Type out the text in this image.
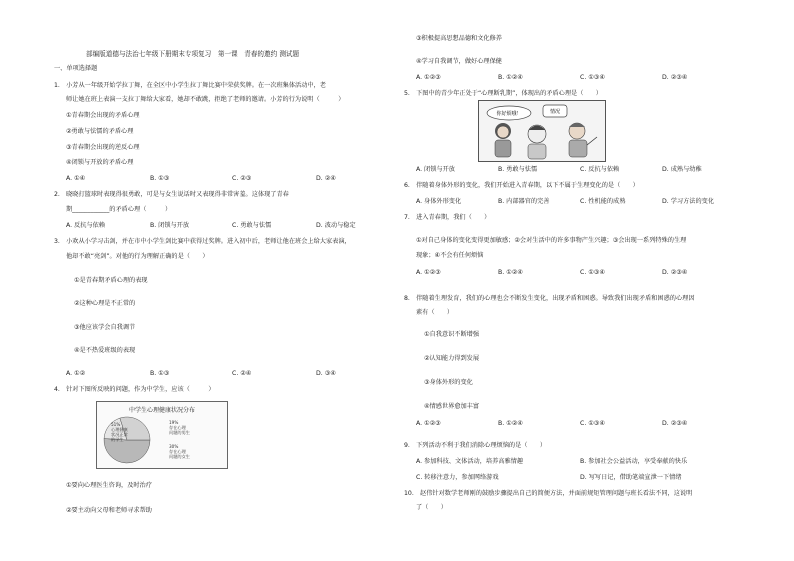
部编版道德与法治七年级下册期末专项复习　第一课　青春的邀约 测试题
一、单项选择题
1.　小芳从一年级开始学拉丁舞，在全区中小学生拉丁舞比赛中荣获奖牌。在一次班集体活动中，老
师让她在班上表演一支拉丁舞给大家看，她却不敢跳，拒绝了老师的邀请。小芳的行为说明（　　　）
①青春期会出现的矛盾心理
②勇敢与怯懦的矛盾心理
③青春期会出现的逆反心理
④闭锁与开放的矛盾心理
A. ①④	B. ①③	C. ②③	D. ②④
2.　晓晓打篮球时表现得很勇敢，可是与女生说话时又表现得非常害羞。这体现了青春
期____________的矛盾心理（　　　）
A. 反抗与依赖	B. 闭锁与开放	C. 勇敢与怯懦	D. 波动与稳定
3.　小欢从小学习击剑，并在市中小学生剑比赛中获得过奖牌。进入初中后，老师让他在班会上给大家表演，
他却不敢“亮剑”。对他的行为理解正确的是（　　）
①是青春期矛盾心理的表现
②这种心理是不正常的
③他应该学会自我调节
④是不热爱班级的表现
A. ①②	B. ①③	C. ②④	D. ③④
4.　针对下图所反映的问题，作为中学生，应该（　　　）
中学生心理健康状况分布
51%心理健康状况正常的学生
19%存在心理问题的男生
30%存在心理问题的女生
①要向心理医生咨询，及时治疗
②要主动向父母和老师寻求帮助
③积极提高思想品德和文化修养
④学习自我调节，做好心理保健
A. ①②③	B. ①②④	C. ①③④	D. ②③④
5.　下图中的青少年正处于“心理断乳期”，体现出的矛盾心理是（　　）
你好烦哦！	情况
A. 闭锁与开放	B. 勇敢与怯懦	C. 反抗与依赖	D. 成熟与幼稚
6.　伴随着身体外形的变化，我们开始进入青春期，以下不属于生理变化的是（　　）
A. 身体外形变化	B. 内部器官的完善	C. 性机能的成熟	D. 学习方法的变化
7.　进入青春期，我们（　　）
①对自己身体的变化变得更加敏感；②会对生活中的许多事物产生兴趣；③会出现一系列特殊的生理
现象；④不会有任何烦恼
A. ①②③	B. ①②④	C. ①③④	D. ②③④
8.　伴随着生理发育，我们的心理也会不断发生变化，出现矛盾和困惑。导致我们出现矛盾和困惑的心理因
素有（　　）
①自我意识不断增强
②认知能力得到发展
③身体外形的变化
④情感世界愈加丰富
A. ①②③	B. ①②④	C. ①③④	D. ②③④
9.　下列活动不利于我们消除心理烦恼的是（　　）
A. 参加科技、文体活动，培养高雅情趣	B. 参加社会公益活动，享受奉献的快乐
C. 转移注意力，参加网络游戏	D. 写写日记，借助笔端宣泄一下情绪
10.　赵伟针对数学老师刚的鼓励步骤提出自己的简便方法，并面前规矩管理问题与班长看法不同，这说明
了（　　）
